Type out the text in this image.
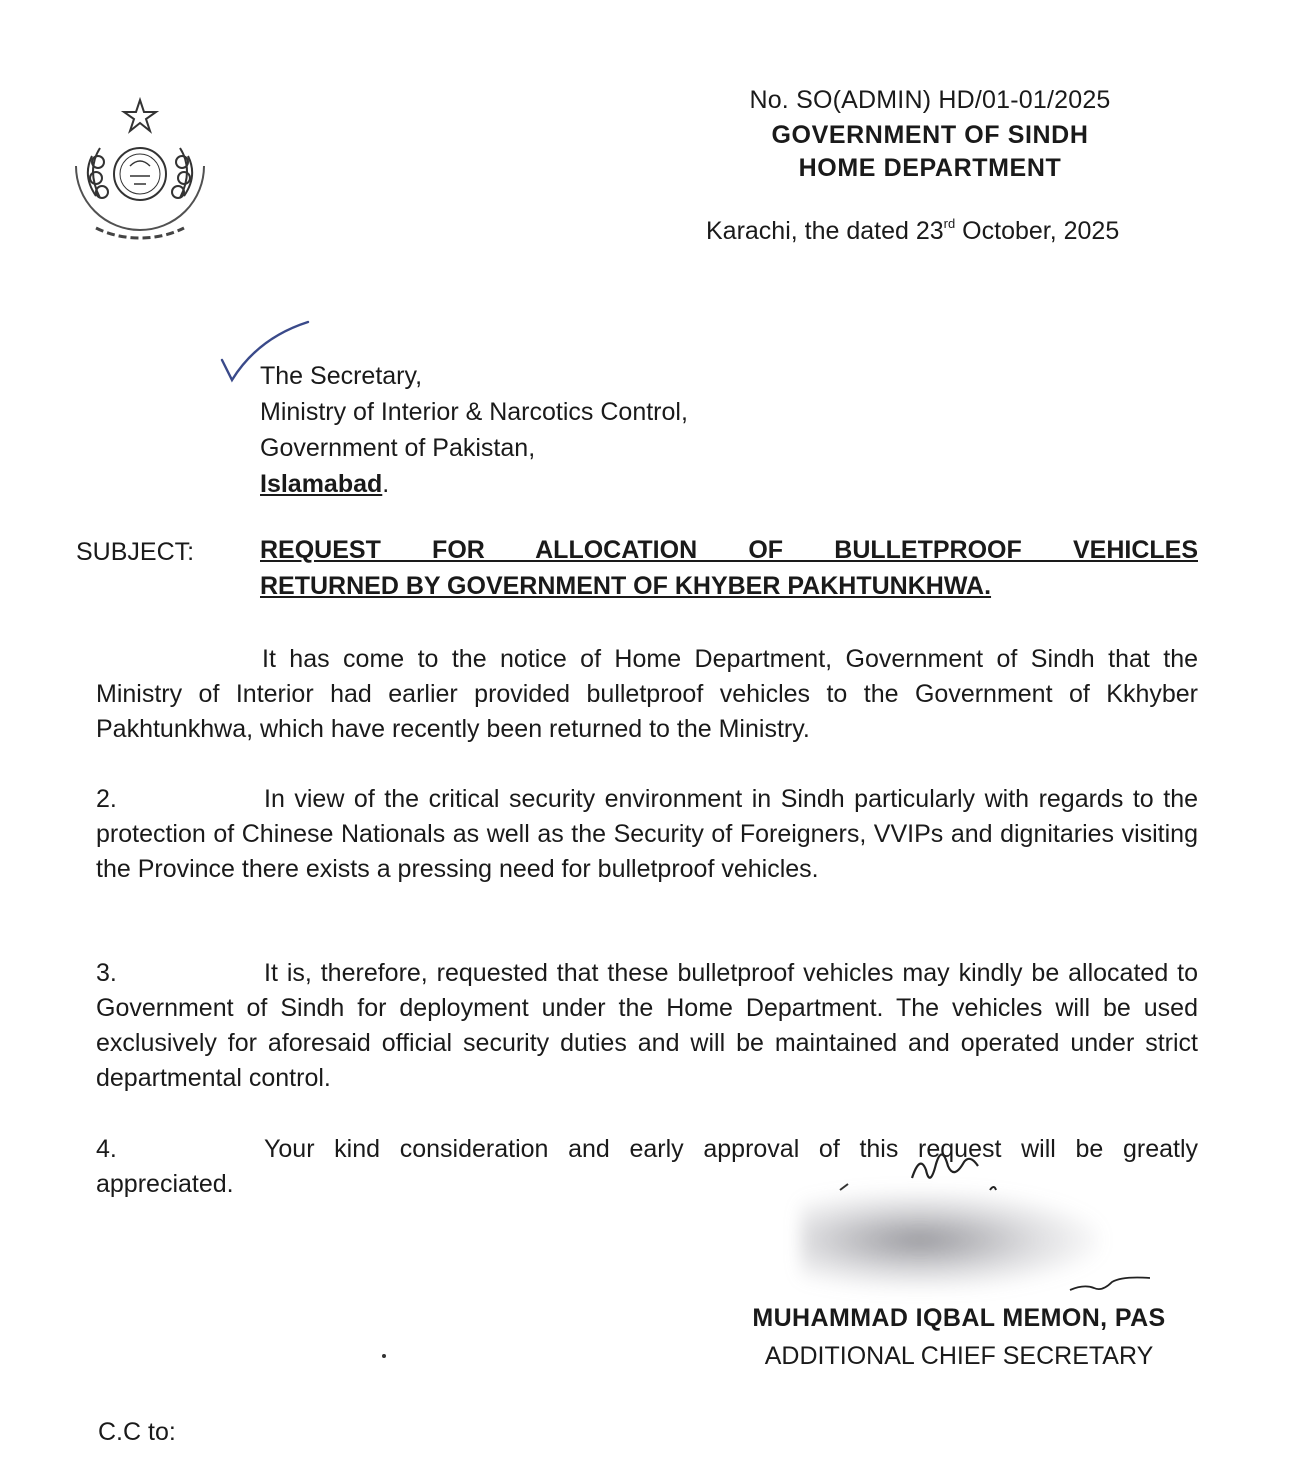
No. SO(ADMIN) HD/01-01/2025
GOVERNMENT OF SINDH
HOME DEPARTMENT
Karachi, the dated 23rd October, 2025
The Secretary,
Ministry of Interior & Narcotics Control,
Government of Pakistan,
Islamabad.
SUBJECT:	REQUEST FOR ALLOCATION OF BULLETPROOF VEHICLES
RETURNED BY GOVERNMENT OF KHYBER PAKHTUNKHWA.
It has come to the notice of Home Department, Government of Sindh that the Ministry of Interior had earlier provided bulletproof vehicles to the Government of Kkhyber Pakhtunkhwa, which have recently been returned to the Ministry.
2.	In view of the critical security environment in Sindh particularly with regards to the protection of Chinese Nationals as well as the Security of Foreigners, VVIPs and dignitaries visiting the Province there exists a pressing need for bulletproof vehicles.
3.	It is, therefore, requested that these bulletproof vehicles may kindly be allocated to Government of Sindh for deployment under the Home Department. The vehicles will be used exclusively for aforesaid official security duties and will be maintained and operated under strict departmental control.
4.	Your kind consideration and early approval of this request will be greatly appreciated.
MUHAMMAD IQBAL MEMON, PAS
ADDITIONAL CHIEF SECRETARY
C.C to:
